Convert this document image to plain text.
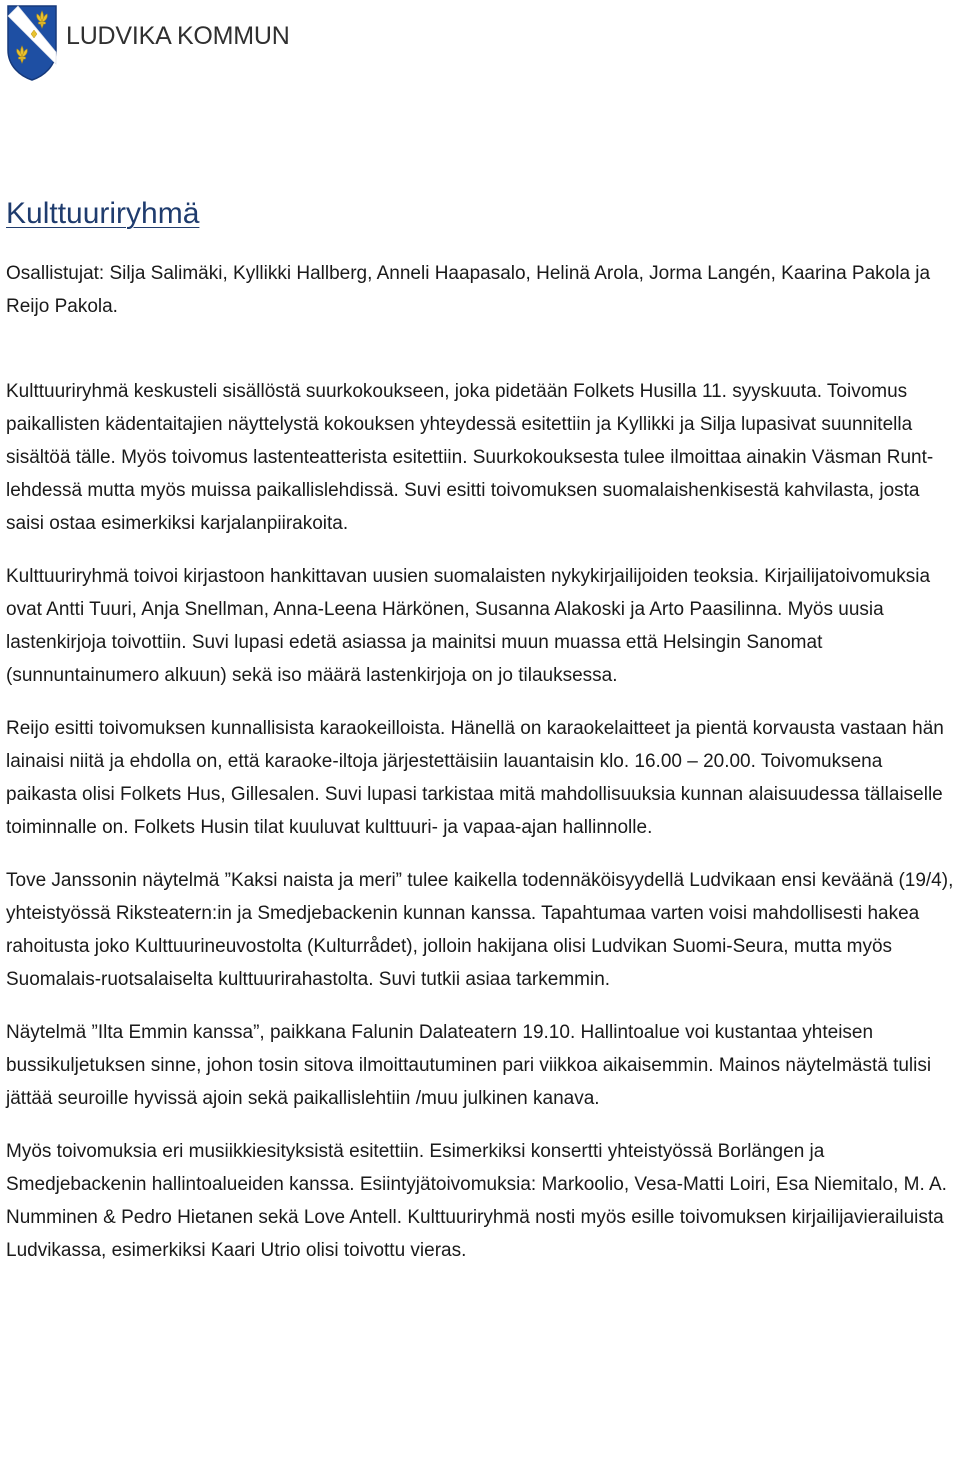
LUDVIKA KOMMUN
Kulttuuriryhmä

Osallistujat: Silja Salimäki, Kyllikki Hallberg, Anneli Haapasalo, Helinä Arola, Jorma Langén, Kaarina Pakola ja Reijo Pakola.

Kulttuuriryhmä keskusteli sisällöstä suurkokoukseen, joka pidetään Folkets Husilla 11. syyskuuta. Toivomus paikallisten kädentaitajien näyttelystä kokouksen yhteydessä esitettiin ja Kyllikki ja Silja lupasivat suunnitella sisältöä tälle. Myös toivomus lastenteatterista esitettiin. Suurkokouksesta tulee ilmoittaa ainakin Väsman Runt- lehdessä mutta myös muissa paikallislehdissä. Suvi esitti toivomuksen suomalaishenkisestä kahvilasta, josta saisi ostaa esimerkiksi karjalanpiirakoita.

Kulttuuriryhmä toivoi kirjastoon hankittavan uusien suomalaisten nykykirjailijoiden teoksia. Kirjailijatoivomuksia ovat Antti Tuuri, Anja Snellman, Anna-Leena Härkönen, Susanna Alakoski ja Arto Paasilinna. Myös uusia lastenkirjoja toivottiin. Suvi lupasi edetä asiassa ja mainitsi muun muassa että Helsingin Sanomat (sunnuntainumero alkuun) sekä iso määrä lastenkirjoja on jo tilauksessa.

Reijo esitti toivomuksen kunnallisista karaokeilloista. Hänellä on karaokelaitteet ja pientä korvausta vastaan hän lainaisi niitä ja ehdolla on, että karaoke-iltoja järjestettäisiin lauantaisin klo. 16.00 – 20.00. Toivomuksena paikasta olisi Folkets Hus, Gillesalen. Suvi lupasi tarkistaa mitä mahdollisuuksia kunnan alaisuudessa tällaiselle toiminnalle on. Folkets Husin tilat kuuluvat kulttuuri- ja vapaa-ajan hallinnolle.

Tove Janssonin näytelmä ”Kaksi naista ja meri” tulee kaikella todennäköisyydellä Ludvikaan ensi keväänä (19/4), yhteistyössä Riksteatern:in ja Smedjebackenin kunnan kanssa. Tapahtumaa varten voisi mahdollisesti hakea rahoitusta joko Kulttuurineuvostolta (Kulturrådet), jolloin hakijana olisi Ludvikan Suomi-Seura, mutta myös Suomalais-ruotsalaiselta kulttuurirahastolta. Suvi tutkii asiaa tarkemmin.

Näytelmä ”Ilta Emmin kanssa”, paikkana Falunin Dalateatern 19.10. Hallintoalue voi kustantaa yhteisen bussikuljetuksen sinne, johon tosin sitova ilmoittautuminen pari viikkoa aikaisemmin. Mainos näytelmästä tulisi jättää seuroille hyvissä ajoin sekä paikallislehtiin /muu julkinen kanava.

Myös toivomuksia eri musiikkiesityksistä esitettiin. Esimerkiksi konsertti yhteistyössä Borlängen ja Smedjebackenin hallintoalueiden kanssa. Esiintyjätoivomuksia: Markoolio, Vesa-Matti Loiri, Esa Niemitalo, M. A. Numminen & Pedro Hietanen sekä Love Antell. Kulttuuriryhmä nosti myös esille toivomuksen kirjailijavierailuista Ludvikassa, esimerkiksi Kaari Utrio olisi toivottu vieras.
